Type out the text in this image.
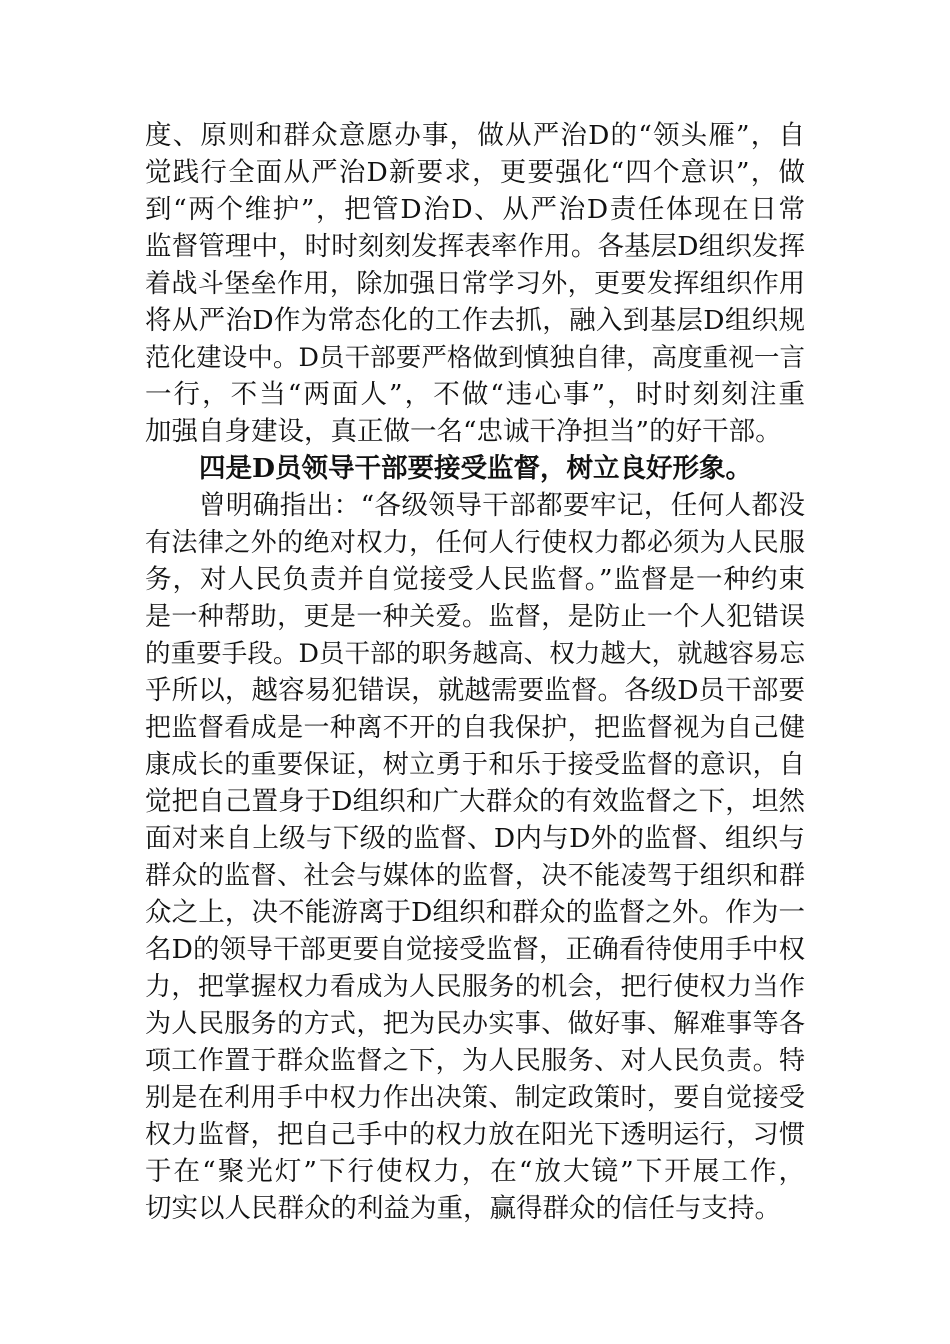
度、原则和群众意愿办事，做从严治D的“领头雁”，自

觉践行全面从严治D新要求，更要强化“四个意识”，做

到“两个维护”，把管D治D、从严治D责任体现在日常

监督管理中，时时刻刻发挥表率作用。各基层D组织发挥

着战斗堡垒作用，除加强日常学习外，更要发挥组织作用

将从严治D作为常态化的工作去抓，融入到基层D组织规

范化建设中。D员干部要严格做到慎独自律，高度重视一言

一行，不当“两面人”，不做“违心事”，时时刻刻注重

加强自身建设，真正做一名“忠诚干净担当”的好干部。

四是D员领导干部要接受监督，树立良好形象。

曾明确指出：“各级领导干部都要牢记，任何人都没

有法律之外的绝对权力，任何人行使权力都必须为人民服

务，对人民负责并自觉接受人民监督。”监督是一种约束

是一种帮助，更是一种关爱。监督，是防止一个人犯错误

的重要手段。D员干部的职务越高、权力越大，就越容易忘

乎所以，越容易犯错误，就越需要监督。各级D员干部要

把监督看成是一种离不开的自我保护，把监督视为自己健

康成长的重要保证，树立勇于和乐于接受监督的意识，自

觉把自己置身于D组织和广大群众的有效监督之下，坦然

面对来自上级与下级的监督、D内与D外的监督、组织与

群众的监督、社会与媒体的监督，决不能凌驾于组织和群

众之上，决不能游离于D组织和群众的监督之外。作为一

名D的领导干部更要自觉接受监督，正确看待使用手中权

力，把掌握权力看成为人民服务的机会，把行使权力当作

为人民服务的方式，把为民办实事、做好事、解难事等各

项工作置于群众监督之下，为人民服务、对人民负责。特

别是在利用手中权力作出决策、制定政策时，要自觉接受

权力监督，把自己手中的权力放在阳光下透明运行，习惯

于在“聚光灯”下行使权力，在“放大镜”下开展工作，

切实以人民群众的利益为重，赢得群众的信任与支持。
